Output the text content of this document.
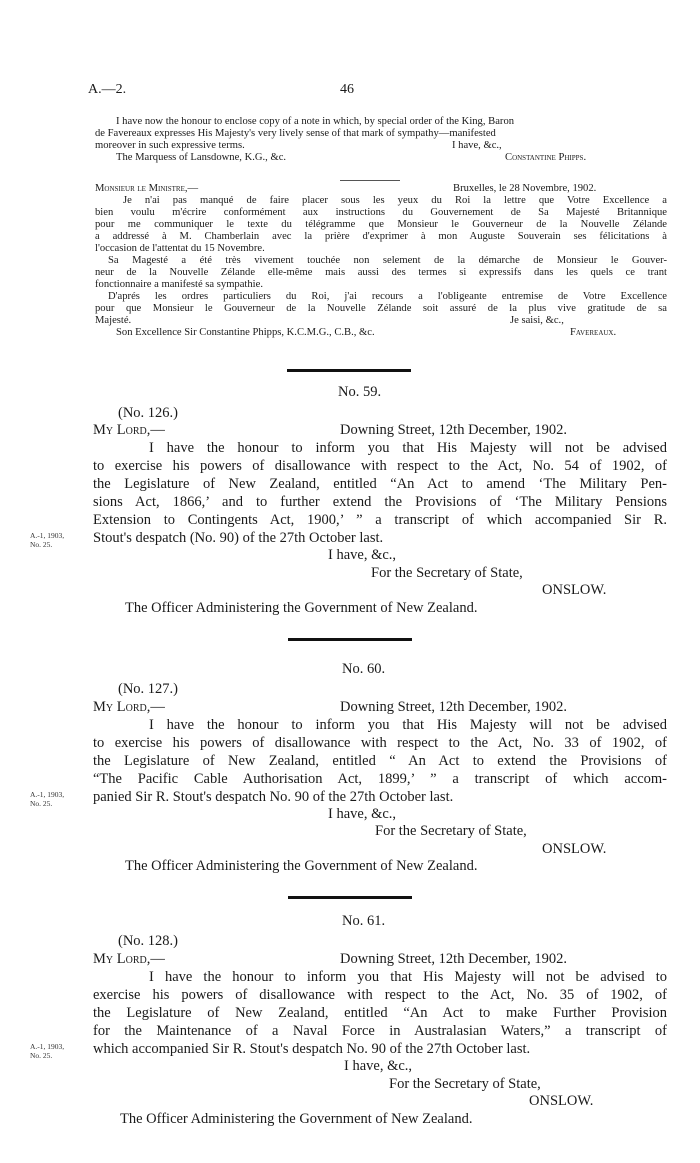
A.—2.	46
I have now the honour to enclose copy of a note in which, by special order of the King, Baron
de Favereaux expresses His Majesty's very lively sense of that mark of sympathy—manifested
moreover in such expressive terms.	I have, &c.,
The Marquess of Lansdowne, K.G., &c.	Constantine Phipps.
Monsieur le Ministre,—	Bruxelles, le 28 Novembre, 1902.
Je n'ai pas manqué de faire placer sous les yeux du Roi la lettre que Votre Excellence a
bien voulu m'écrire conformément aux instructions du Gouvernement de Sa Majesté Britannique
pour me communiquer le texte du télégramme que Monsieur le Gouverneur de la Nouvelle Zélande
a addressé à M. Chamberlain avec la prière d'exprimer à mon Auguste Souverain ses félicitations à
l'occasion de l'attentat du 15 Novembre.
Sa Magesté a été très vivement touchée non selement de la démarche de Monsieur le Gouver-
neur de la Nouvelle Zélande elle-même mais aussi des termes si expressifs dans les quels ce trant
fonctionnaire a manifesté sa sympathie.
D'aprés les ordres particuliers du Roi, j'ai recours a l'obligeante entremise de Votre Excellence
pour que Monsieur le Gouverneur de la Nouvelle Zélande soit assuré de la plus vive gratitude de sa
Majesté.	Je saisi, &c.,
Son Excellence Sir Constantine Phipps, K.C.M.G., C.B., &c.	Favereaux.
No. 59.
(No. 126.)
My Lord,—	Downing Street, 12th December, 1902.
I have the honour to inform you that His Majesty will not be advised
to exercise his powers of disallowance with respect to the Act, No. 54 of 1902, of
the Legislature of New Zealand, entitled “An Act to amend ‘The Military Pen-
sions Act, 1866,’ and to further extend the Provisions of ‘The Military Pensions
Extension to Contingents Act, 1900,’ ” a transcript of which accompanied Sir R.
Stout's despatch (No. 90) of the 27th October last.
A.-1, 1903,
No. 25.
I have, &c.,
For the Secretary of State,
ONSLOW.
The Officer Administering the Government of New Zealand.
No. 60.
(No. 127.)
My Lord,—	Downing Street, 12th December, 1902.
I have the honour to inform you that His Majesty will not be advised
to exercise his powers of disallowance with respect to the Act, No. 33 of 1902, of
the Legislature of New Zealand, entitled “ An Act to extend the Provisions of
“The Pacific Cable Authorisation Act, 1899,’ ” a transcript of which accom-
panied Sir R. Stout's despatch No. 90 of the 27th October last.
A.-1, 1903,
No. 25.
I have, &c.,
For the Secretary of State,
ONSLOW.
The Officer Administering the Government of New Zealand.
No. 61.
(No. 128.)
My Lord,—	Downing Street, 12th December, 1902.
I have the honour to inform you that His Majesty will not be advised to
exercise his powers of disallowance with respect to the Act, No. 35 of 1902, of
the Legislature of New Zealand, entitled “An Act to make Further Provision
for the Maintenance of a Naval Force in Australasian Waters,” a transcript of
which accompanied Sir R. Stout's despatch No. 90 of the 27th October last.
A.-1, 1903,
No. 25.
I have, &c.,
For the Secretary of State,
ONSLOW.
The Officer Administering the Government of New Zealand.
